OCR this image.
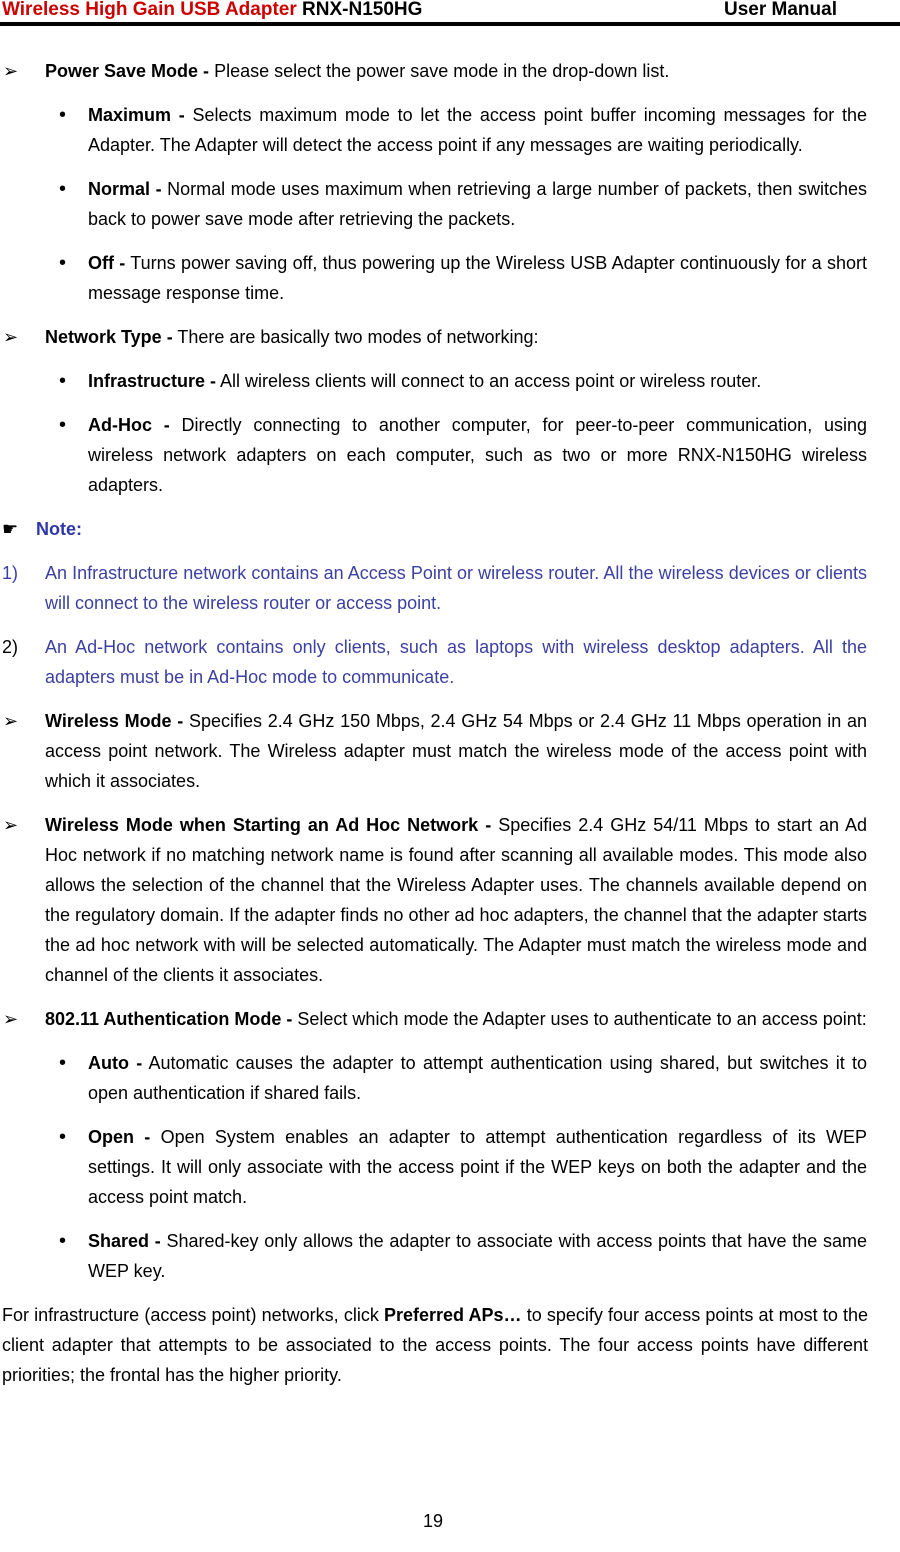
Wireless High Gain USB Adapter RNX-N150HG	User Manual
➢ Power Save Mode - Please select the power save mode in the drop-down list.
• Maximum - Selects maximum mode to let the access point buffer incoming messages for the Adapter. The Adapter will detect the access point if any messages are waiting periodically.
• Normal - Normal mode uses maximum when retrieving a large number of packets, then switches back to power save mode after retrieving the packets.
• Off - Turns power saving off, thus powering up the Wireless USB Adapter continuously for a short message response time.
➢ Network Type - There are basically two modes of networking:
• Infrastructure - All wireless clients will connect to an access point or wireless router.
• Ad-Hoc - Directly connecting to another computer, for peer-to-peer communication, using wireless network adapters on each computer, such as two or more RNX-N150HG wireless adapters.
☛ Note:
1) An Infrastructure network contains an Access Point or wireless router. All the wireless devices or clients will connect to the wireless router or access point.
2) An Ad-Hoc network contains only clients, such as laptops with wireless desktop adapters. All the adapters must be in Ad-Hoc mode to communicate.
➢ Wireless Mode - Specifies 2.4 GHz 150 Mbps, 2.4 GHz 54 Mbps or 2.4 GHz 11 Mbps operation in an access point network. The Wireless adapter must match the wireless mode of the access point with which it associates.
➢ Wireless Mode when Starting an Ad Hoc Network - Specifies 2.4 GHz 54/11 Mbps to start an Ad Hoc network if no matching network name is found after scanning all available modes. This mode also allows the selection of the channel that the Wireless Adapter uses. The channels available depend on the regulatory domain. If the adapter finds no other ad hoc adapters, the channel that the adapter starts the ad hoc network with will be selected automatically. The Adapter must match the wireless mode and channel of the clients it associates.
➢ 802.11 Authentication Mode - Select which mode the Adapter uses to authenticate to an access point:
• Auto - Automatic causes the adapter to attempt authentication using shared, but switches it to open authentication if shared fails.
• Open - Open System enables an adapter to attempt authentication regardless of its WEP settings. It will only associate with the access point if the WEP keys on both the adapter and the access point match.
• Shared - Shared-key only allows the adapter to associate with access points that have the same WEP key.
For infrastructure (access point) networks, click Preferred APs… to specify four access points at most to the client adapter that attempts to be associated to the access points. The four access points have different priorities; the frontal has the higher priority.
19
